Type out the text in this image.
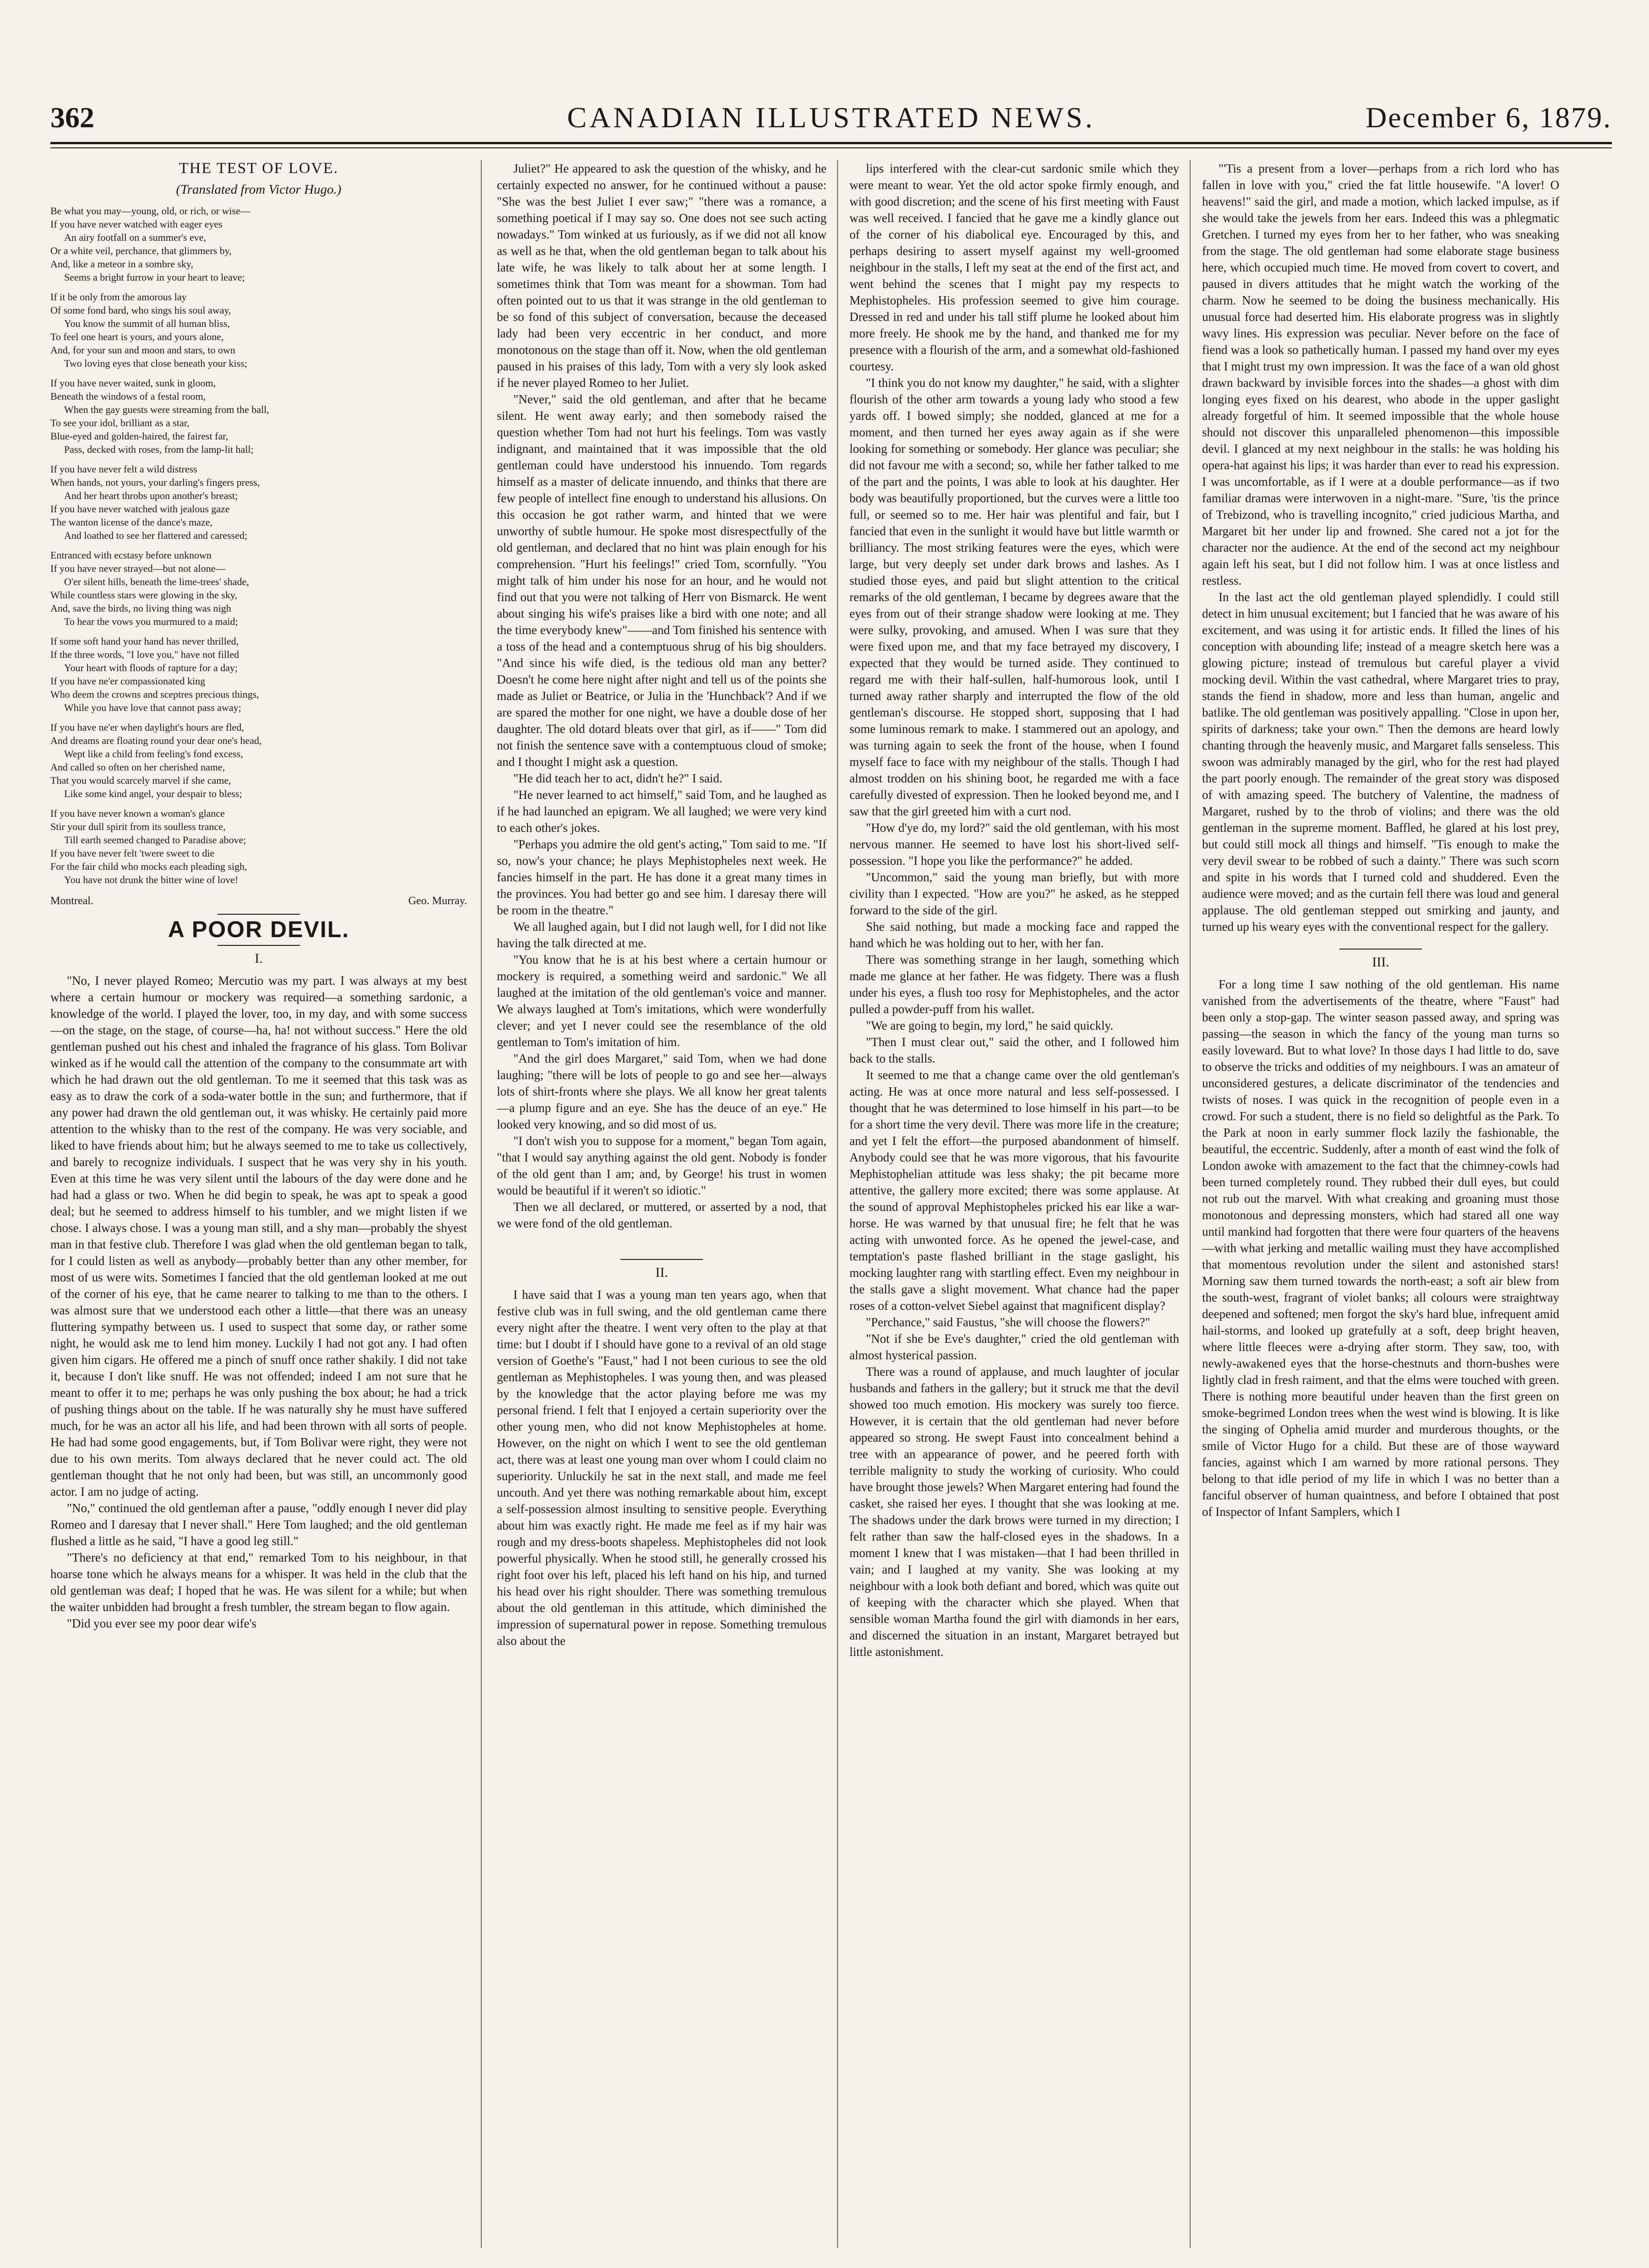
362	CANADIAN ILLUSTRATED NEWS.	December 6, 1879.
THE TEST OF LOVE.
(Translated from Victor Hugo.)
Be what you may—young, old, or rich, or wise—
If you have never watched with eager eyes
An airy footfall on a summer's eve,
Or a white veil, perchance, that glimmers by,
And, like a meteor in a sombre sky,
Seems a bright furrow in your heart to leave;
If it be only from the amorous lay
Of some fond bard, who sings his soul away,
You know the summit of all human bliss,
To feel one heart is yours, and yours alone,
And, for your sun and moon and stars, to own
Two loving eyes that close beneath your kiss;
If you have never waited, sunk in gloom,
Beneath the windows of a festal room,
When the gay guests were streaming from the ball,
To see your idol, brilliant as a star,
Blue-eyed and golden-haired, the fairest far,
Pass, decked with roses, from the lamp-lit hall;
If you have never felt a wild distress
When hands, not yours, your darling's fingers press,
And her heart throbs upon another's breast;
If you have never watched with jealous gaze
The wanton license of the dance's maze,
And loathed to see her flattered and caressed;
Entranced with ecstasy before unknown
If you have never strayed—but not alone—
O'er silent hills, beneath the lime-trees' shade,
While countless stars were glowing in the sky,
And, save the birds, no living thing was nigh
To hear the vows you murmured to a maid;
If some soft hand your hand has never thrilled,
If the three words, "I love you," have not filled
Your heart with floods of rapture for a day;
If you have ne'er compassionated king
Who deem the crowns and sceptres precious things,
While you have love that cannot pass away;
If you have ne'er when daylight's hours are fled,
And dreams are floating round your dear one's head,
Wept like a child from feeling's fond excess,
And called so often on her cherished name,
That you would scarcely marvel if she came,
Like some kind angel, your despair to bless;
If you have never known a woman's glance
Stir your dull spirit from its soulless trance,
Till earth seemed changed to Paradise above;
If you have never felt 'twere sweet to die
For the fair child who mocks each pleading sigh,
You have not drunk the bitter wine of love!
Montreal.	Geo. Murray.
A POOR DEVIL.
I.

"No, I never played Romeo; Mercutio was my part. I was always at my best where a certain humour or mockery was required—a something sardonic, a knowledge of the world. I played the lover, too, in my day, and with some success—on the stage, on the stage, of course—ha, ha! not without success." Here the old gentleman pushed out his chest and inhaled the fragrance of his glass. Tom Bolivar winked as if he would call the attention of the company to the consummate art with which he had drawn out the old gentleman. To me it seemed that this task was as easy as to draw the cork of a soda-water bottle in the sun; and furthermore, that if any power had drawn the old gentleman out, it was whisky. He certainly paid more attention to the whisky than to the rest of the company. He was very sociable, and liked to have friends about him; but he always seemed to me to take us collectively, and barely to recognize individuals. I suspect that he was very shy in his youth. Even at this time he was very silent until the labours of the day were done and he had had a glass or two. When he did begin to speak, he was apt to speak a good deal; but he seemed to address himself to his tumbler, and we might listen if we chose. I always chose. I was a young man still, and a shy man—probably the shyest man in that festive club. Therefore I was glad when the old gentleman began to talk, for I could listen as well as anybody—probably better than any other member, for most of us were wits. Sometimes I fancied that the old gentleman looked at me out of the corner of his eye, that he came nearer to talking to me than to the others. I was almost sure that we understood each other a little—that there was an uneasy fluttering sympathy between us. I used to suspect that some day, or rather some night, he would ask me to lend him money. Luckily I had not got any. I had often given him cigars. He offered me a pinch of snuff once rather shakily. I did not take it, because I don't like snuff. He was not offended; indeed I am not sure that he meant to offer it to me; perhaps he was only pushing the box about; he had a trick of pushing things about on the table. If he was naturally shy he must have suffered much, for he was an actor all his life, and had been thrown with all sorts of people. He had had some good engagements, but, if Tom Bolivar were right, they were not due to his own merits. Tom always declared that he never could act. The old gentleman thought that he not only had been, but was still, an uncommonly good actor. I am no judge of acting.

"No," continued the old gentleman after a pause, "oddly enough I never did play Romeo and I daresay that I never shall." Here Tom laughed; and the old gentleman flushed a little as he said, "I have a good leg still."

"There's no deficiency at that end," remarked Tom to his neighbour, in that hoarse tone which he always means for a whisper. It was held in the club that the old gentleman was deaf; I hoped that he was. He was silent for a while; but when the waiter unbidden had brought a fresh tumbler, the stream began to flow again.

"Did you ever see my poor dear wife's

Juliet?" He appeared to ask the question of the whisky, and he certainly expected no answer, for he continued without a pause: "She was the best Juliet I ever saw;" "there was a romance, a something poetical if I may say so. One does not see such acting nowadays." Tom winked at us furiously, as if we did not all know as well as he that, when the old gentleman began to talk about his late wife, he was likely to talk about her at some length. I sometimes think that Tom was meant for a showman. Tom had often pointed out to us that it was strange in the old gentleman to be so fond of this subject of conversation, because the deceased lady had been very eccentric in her conduct, and more monotonous on the stage than off it. Now, when the old gentleman paused in his praises of this lady, Tom with a very sly look asked if he never played Romeo to her Juliet.

"Never," said the old gentleman, and after that he became silent. He went away early; and then somebody raised the question whether Tom had not hurt his feelings. Tom was vastly indignant, and maintained that it was impossible that the old gentleman could have understood his innuendo. Tom regards himself as a master of delicate innuendo, and thinks that there are few people of intellect fine enough to understand his allusions. On this occasion he got rather warm, and hinted that we were unworthy of subtle humour. He spoke most disrespectfully of the old gentleman, and declared that no hint was plain enough for his comprehension. "Hurt his feelings!" cried Tom, scornfully. "You might talk of him under his nose for an hour, and he would not find out that you were not talking of Herr von Bismarck. He went about singing his wife's praises like a bird with one note; and all the time everybody knew"——and Tom finished his sentence with a toss of the head and a contemptuous shrug of his big shoulders. "And since his wife died, is the tedious old man any better? Doesn't he come here night after night and tell us of the points she made as Juliet or Beatrice, or Julia in the 'Hunchback'? And if we are spared the mother for one night, we have a double dose of her daughter. The old dotard bleats over that girl, as if——" Tom did not finish the sentence save with a contemptuous cloud of smoke; and I thought I might ask a question.

"He did teach her to act, didn't he?" I said.

"He never learned to act himself," said Tom, and he laughed as if he had launched an epigram. We all laughed; we were very kind to each other's jokes.

"Perhaps you admire the old gent's acting," Tom said to me. "If so, now's your chance; he plays Mephistopheles next week. He fancies himself in the part. He has done it a great many times in the provinces. You had better go and see him. I daresay there will be room in the theatre."

We all laughed again, but I did not laugh well, for I did not like having the talk directed at me.

"You know that he is at his best where a certain humour or mockery is required, a something weird and sardonic." We all laughed at the imitation of the old gentleman's voice and manner. We always laughed at Tom's imitations, which were wonderfully clever; and yet I never could see the resemblance of the old gentleman to Tom's imitation of him.

"And the girl does Margaret," said Tom, when we had done laughing; "there will be lots of people to go and see her—always lots of shirt-fronts where she plays. We all know her great talents—a plump figure and an eye. She has the deuce of an eye." He looked very knowing, and so did most of us.

"I don't wish you to suppose for a moment," began Tom again, "that I would say anything against the old gent. Nobody is fonder of the old gent than I am; and, by George! his trust in women would be beautiful if it weren't so idiotic."

Then we all declared, or muttered, or asserted by a nod, that we were fond of the old gentleman.

II.

I have said that I was a young man ten years ago, when that festive club was in full swing, and the old gentleman came there every night after the theatre. I went very often to the play at that time: but I doubt if I should have gone to a revival of an old stage version of Goethe's "Faust," had I not been curious to see the old gentleman as Mephistopheles. I was young then, and was pleased by the knowledge that the actor playing before me was my personal friend. I felt that I enjoyed a certain superiority over the other young men, who did not know Mephistopheles at home. However, on the night on which I went to see the old gentleman act, there was at least one young man over whom I could claim no superiority. Unluckily he sat in the next stall, and made me feel uncouth. And yet there was nothing remarkable about him, except a self-possession almost insulting to sensitive people. Everything about him was exactly right. He made me feel as if my hair was rough and my dress-boots shapeless. Mephistopheles did not look powerful physically. When he stood still, he generally crossed his right foot over his left, placed his left hand on his hip, and turned his head over his right shoulder. There was something tremulous about the old gentleman in this attitude, which diminished the impression of supernatural power in repose. Something tremulous also about the

lips interfered with the clear-cut sardonic smile which they were meant to wear. Yet the old actor spoke firmly enough, and with good discretion; and the scene of his first meeting with Faust was well received. I fancied that he gave me a kindly glance out of the corner of his diabolical eye. Encouraged by this, and perhaps desiring to assert myself against my well-groomed neighbour in the stalls, I left my seat at the end of the first act, and went behind the scenes that I might pay my respects to Mephistopheles. His profession seemed to give him courage. Dressed in red and under his tall stiff plume he looked about him more freely. He shook me by the hand, and thanked me for my presence with a flourish of the arm, and a somewhat old-fashioned courtesy.

"I think you do not know my daughter," he said, with a slighter flourish of the other arm towards a young lady who stood a few yards off. I bowed simply; she nodded, glanced at me for a moment, and then turned her eyes away again as if she were looking for something or somebody. Her glance was peculiar; she did not favour me with a second; so, while her father talked to me of the part and the points, I was able to look at his daughter. Her body was beautifully proportioned, but the curves were a little too full, or seemed so to me. Her hair was plentiful and fair, but I fancied that even in the sunlight it would have but little warmth or brilliancy. The most striking features were the eyes, which were large, but very deeply set under dark brows and lashes. As I studied those eyes, and paid but slight attention to the critical remarks of the old gentleman, I became by degrees aware that the eyes from out of their strange shadow were looking at me. They were sulky, provoking, and amused. When I was sure that they were fixed upon me, and that my face betrayed my discovery, I expected that they would be turned aside. They continued to regard me with their half-sullen, half-humorous look, until I turned away rather sharply and interrupted the flow of the old gentleman's discourse. He stopped short, supposing that I had some luminous remark to make. I stammered out an apology, and was turning again to seek the front of the house, when I found myself face to face with my neighbour of the stalls. Though I had almost trodden on his shining boot, he regarded me with a face carefully divested of expression. Then he looked beyond me, and I saw that the girl greeted him with a curt nod.

"How d'ye do, my lord?" said the old gentleman, with his most nervous manner. He seemed to have lost his short-lived self-possession. "I hope you like the performance?" he added.

"Uncommon," said the young man briefly, but with more civility than I expected. "How are you?" he asked, as he stepped forward to the side of the girl.

She said nothing, but made a mocking face and rapped the hand which he was holding out to her, with her fan.

There was something strange in her laugh, something which made me glance at her father. He was fidgety. There was a flush under his eyes, a flush too rosy for Mephistopheles, and the actor pulled a powder-puff from his wallet.

"We are going to begin, my lord," he said quickly.

"Then I must clear out," said the other, and I followed him back to the stalls.

It seemed to me that a change came over the old gentleman's acting. He was at once more natural and less self-possessed. I thought that he was determined to lose himself in his part—to be for a short time the very devil. There was more life in the creature; and yet I felt the effort—the purposed abandonment of himself. Anybody could see that he was more vigorous, that his favourite Mephistophelian attitude was less shaky; the pit became more attentive, the gallery more excited; there was some applause. At the sound of approval Mephistopheles pricked his ear like a war-horse. He was warned by that unusual fire; he felt that he was acting with unwonted force. As he opened the jewel-case, and temptation's paste flashed brilliant in the stage gaslight, his mocking laughter rang with startling effect. Even my neighbour in the stalls gave a slight movement. What chance had the paper roses of a cotton-velvet Siebel against that magnificent display?

"Perchance," said Faustus, "she will choose the flowers?"

"Not if she be Eve's daughter," cried the old gentleman with almost hysterical passion.

There was a round of applause, and much laughter of jocular husbands and fathers in the gallery; but it struck me that the devil showed too much emotion. His mockery was surely too fierce. However, it is certain that the old gentleman had never before appeared so strong. He swept Faust into concealment behind a tree with an appearance of power, and he peered forth with terrible malignity to study the working of curiosity. Who could have brought those jewels? When Margaret entering had found the casket, she raised her eyes. I thought that she was looking at me. The shadows under the dark brows were turned in my direction; I felt rather than saw the half-closed eyes in the shadows. In a moment I knew that I was mistaken—that I had been thrilled in vain; and I laughed at my vanity. She was looking at my neighbour with a look both defiant and bored, which was quite out of keeping with the character which she played. When that sensible woman Martha found the girl with diamonds in her ears, and discerned the situation in an instant, Margaret betrayed but little astonishment.

"'Tis a present from a lover—perhaps from a rich lord who has fallen in love with you," cried the fat little housewife. "A lover! O heavens!" said the girl, and made a motion, which lacked impulse, as if she would take the jewels from her ears. Indeed this was a phlegmatic Gretchen. I turned my eyes from her to her father, who was sneaking from the stage. The old gentleman had some elaborate stage business here, which occupied much time. He moved from covert to covert, and paused in divers attitudes that he might watch the working of the charm. Now he seemed to be doing the business mechanically. His unusual force had deserted him. His elaborate progress was in slightly wavy lines. His expression was peculiar. Never before on the face of fiend was a look so pathetically human. I passed my hand over my eyes that I might trust my own impression. It was the face of a wan old ghost drawn backward by invisible forces into the shades—a ghost with dim longing eyes fixed on his dearest, who abode in the upper gaslight already forgetful of him. It seemed impossible that the whole house should not discover this unparalleled phenomenon—this impossible devil. I glanced at my next neighbour in the stalls: he was holding his opera-hat against his lips; it was harder than ever to read his expression. I was uncomfortable, as if I were at a double performance—as if two familiar dramas were interwoven in a night-mare. "Sure, 'tis the prince of Trebizond, who is travelling incognito," cried judicious Martha, and Margaret bit her under lip and frowned. She cared not a jot for the character nor the audience. At the end of the second act my neighbour again left his seat, but I did not follow him. I was at once listless and restless.

In the last act the old gentleman played splendidly. I could still detect in him unusual excitement; but I fancied that he was aware of his excitement, and was using it for artistic ends. It filled the lines of his conception with abounding life; instead of a meagre sketch here was a glowing picture; instead of tremulous but careful player a vivid mocking devil. Within the vast cathedral, where Margaret tries to pray, stands the fiend in shadow, more and less than human, angelic and batlike. The old gentleman was positively appalling. "Close in upon her, spirits of darkness; take your own." Then the demons are heard lowly chanting through the heavenly music, and Margaret falls senseless. This swoon was admirably managed by the girl, who for the rest had played the part poorly enough. The remainder of the great story was disposed of with amazing speed. The butchery of Valentine, the madness of Margaret, rushed by to the throb of violins; and there was the old gentleman in the supreme moment. Baffled, he glared at his lost prey, but could still mock all things and himself. "Tis enough to make the very devil swear to be robbed of such a dainty." There was such scorn and spite in his words that I turned cold and shuddered. Even the audience were moved; and as the curtain fell there was loud and general applause. The old gentleman stepped out smirking and jaunty, and turned up his weary eyes with the conventional respect for the gallery.

III.

For a long time I saw nothing of the old gentleman. His name vanished from the advertisements of the theatre, where "Faust" had been only a stop-gap. The winter season passed away, and spring was passing—the season in which the fancy of the young man turns so easily loveward. But to what love? In those days I had little to do, save to observe the tricks and oddities of my neighbours. I was an amateur of unconsidered gestures, a delicate discriminator of the tendencies and twists of noses. I was quick in the recognition of people even in a crowd. For such a student, there is no field so delightful as the Park. To the Park at noon in early summer flock lazily the fashionable, the beautiful, the eccentric. Suddenly, after a month of east wind the folk of London awoke with amazement to the fact that the chimney-cowls had been turned completely round. They rubbed their dull eyes, but could not rub out the marvel. With what creaking and groaning must those monotonous and depressing monsters, which had stared all one way until mankind had forgotten that there were four quarters of the heavens—with what jerking and metallic wailing must they have accomplished that momentous revolution under the silent and astonished stars! Morning saw them turned towards the north-east; a soft air blew from the south-west, fragrant of violet banks; all colours were straightway deepened and softened; men forgot the sky's hard blue, infrequent amid hail-storms, and looked up gratefully at a soft, deep bright heaven, where little fleeces were a-drying after storm. They saw, too, with newly-awakened eyes that the horse-chestnuts and thorn-bushes were lightly clad in fresh raiment, and that the elms were touched with green. There is nothing more beautiful under heaven than the first green on smoke-begrimed London trees when the west wind is blowing. It is like the singing of Ophelia amid murder and murderous thoughts, or the smile of Victor Hugo for a child. But these are of those wayward fancies, against which I am warned by more rational persons. They belong to that idle period of my life in which I was no better than a fanciful observer of human quaintness, and before I obtained that post of Inspector of Infant Samplers, which I
